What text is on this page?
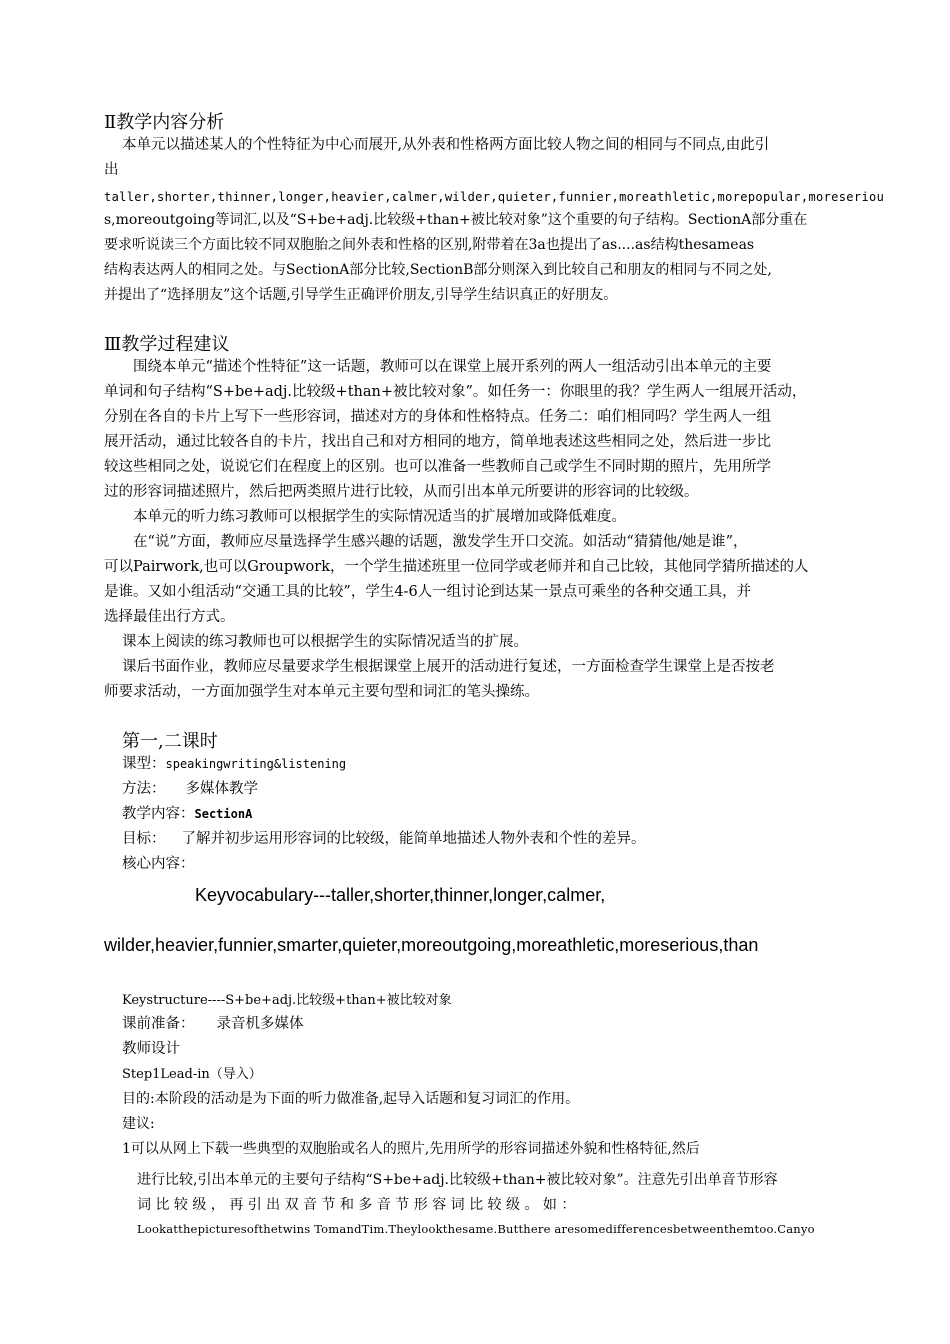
Ⅱ教学内容分析
本单元以描述某人的个性特征为中心而展开,从外表和性格两方面比较人物之间的相同与不同点,由此引
出
taller,shorter,thinner,longer,heavier,calmer,wilder,quieter,funnier,moreathletic,morepopular,moreseriou
s,moreoutgoing等词汇,以及“S+be+adj.比较级+than+被比较对象”这个重要的句子结构。SectionA部分重在
要求听说读三个方面比较不同双胞胎之间外表和性格的区别,附带着在3a也提出了as....as结构thesameas
结构表达两人的相同之处。与SectionA部分比较,SectionB部分则深入到比较自己和朋友的相同与不同之处,
并提出了“选择朋友”这个话题,引导学生正确评价朋友,引导学生结识真正的好朋友。
Ⅲ教学过程建议
围绕本单元“描述个性特征”这一话题，教师可以在课堂上展开系列的两人一组活动引出本单元的主要
单词和句子结构“S+be+adj.比较级+than+被比较对象”。如任务一：你眼里的我？学生两人一组展开活动，
分别在各自的卡片上写下一些形容词，描述对方的身体和性格特点。任务二：咱们相同吗？学生两人一组
展开活动，通过比较各自的卡片，找出自己和对方相同的地方，简单地表述这些相同之处，然后进一步比
较这些相同之处，说说它们在程度上的区别。也可以准备一些教师自己或学生不同时期的照片，先用所学
过的形容词描述照片，然后把两类照片进行比较，从而引出本单元所要讲的形容词的比较级。
本单元的听力练习教师可以根据学生的实际情况适当的扩展增加或降低难度。
在“说”方面，教师应尽量选择学生感兴趣的话题，激发学生开口交流。如活动“猜猜他/她是谁”，
可以Pairwork,也可以Groupwork，一个学生描述班里一位同学或老师并和自己比较，其他同学猜所描述的人
是谁。又如小组活动“交通工具的比较”，学生4-6人一组讨论到达某一景点可乘坐的各种交通工具，并
选择最佳出行方式。
课本上阅读的练习教师也可以根据学生的实际情况适当的扩展。
课后书面作业，教师应尽量要求学生根据课堂上展开的活动进行复述，一方面检查学生课堂上是否按老
师要求活动，一方面加强学生对本单元主要句型和词汇的笔头操练。
第一,二课时
课型：speakingwriting&listening
方法： 多媒体教学
教学内容：SectionA
目标： 了解并初步运用形容词的比较级，能简单地描述人物外表和个性的差异。
核心内容：
Keyvocabulary---taller,shorter,thinner,longer,calmer,
wilder,heavier,funnier,smarter,quieter,moreoutgoing,moreathletic,moreserious,than
Keystructure----S+be+adj.比较级+than+被比较对象
课前准备： 录音机多媒体
教师设计
Step1Lead-in（导入）
目的:本阶段的活动是为下面的听力做准备,起导入话题和复习词汇的作用。
建议:
1可以从网上下载一些典型的双胞胎或名人的照片,先用所学的形容词描述外貌和性格特征,然后
进行比较,引出本单元的主要句子结构“S+be+adj.比较级+than+被比较对象”。注意先引出单音节形容
词 比 较 级 ， 再 引 出 双 音 节 和 多 音 节 形 容 词 比 较 级 。 如 ：
Lookatthepicturesofthetwins TomandTim.Theylookthesame.Butthere aresomedifferencesbetweenthemtoo.Canyo
